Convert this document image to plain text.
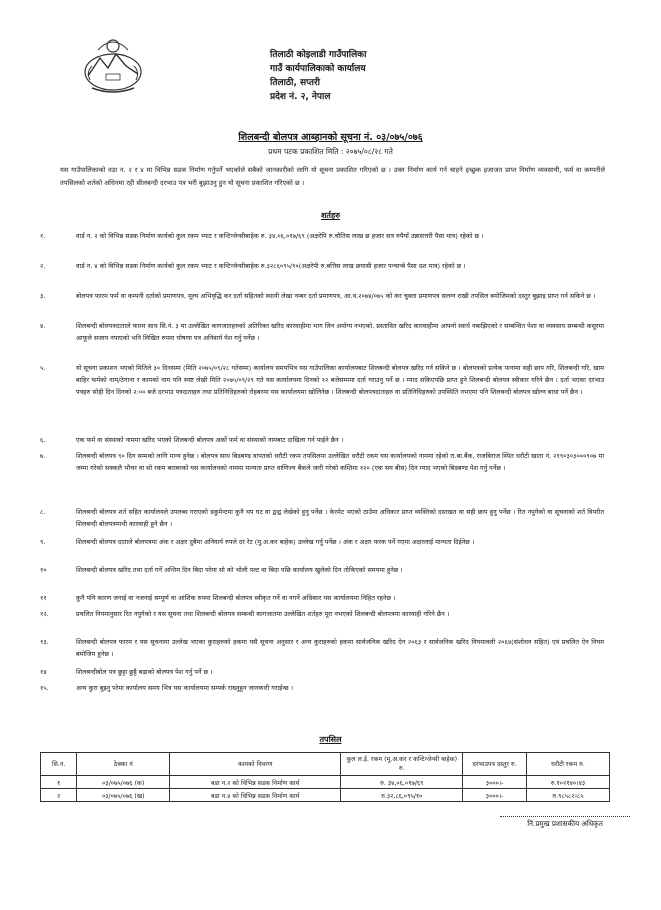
तिलाठी कोइलाडी गाउँपालिका
गाउँ कार्यपालिकाको कार्यालय
तिलाठी, सप्तरी
प्रदेश नं. २, नेपाल
शिलबन्दी बोलपत्र आब्हानको सूचना नं. ०३/०७५/०७६
प्रथम पटक प्रकाशित मिति : २०७५/०८/२८ गते
यस गाउँपालिकाको वडा न. २ र ४ मा विभिन्न सडक निर्माण गर्नुपर्ने भएकोले सबैको जानकारीको लागि यो सूचना प्रकाशित गरिएको छ । उक्त निर्माण कार्य गर्न चाहने इच्छुक इजाजत प्राप्त निर्माण व्यवसायी, फर्म वा कम्पनीले तपसिलको शर्तको अधिनमा रही सीलबन्दी दरभाउ पत्र भरी बुझाउनु हुन यो सूचना प्रकाशित गरिएको छ ।
शर्तहरु
१.	वार्ड न. २ को विभिन्न सडक निर्माण कार्यको कुल रकम भ्याट र कन्टिन्जेन्सीबाहेक रु. ३४,०६,०१७/६९ (अक्षरेपि रु.चौतिस लाख छ हजार सत्र रुपैयाँ उन्नासत्तरी पैसा मात्र) रहेको छ ।
२.	वार्ड न. ४ को विभिन्न सडक निर्माण कार्यको कुल रकम भ्याट र कन्टिन्जेन्सीबाहेक रु.३२८६०९५/१०(अक्षरेपी रु.बत्तिस लाख छयासी हजार पन्चान्बे पैसा दश मात्र) रहेको छ ।
३.	बोलपत्र फारम फर्म वा कम्पनी दर्ताको प्रमाणपत्र, मूल्य अभिवृद्धि कर दर्ता सहितको स्थायी लेखा नम्बर दर्ता प्रमाणपत्र, आ.व.२०७४/०७५ को कर चुक्ता प्रमाणपत्र सलग्न राखी तपसिल बमोजिमको दस्तुर बुझाइ प्राप्त गर्न सकिने छ ।
४.	शिलबन्दी बोलपत्रदाताले फारम साथ सि.नं. ३ मा उल्लेखित कागजातहरुको अतिरिक्त खरिद कारवाहीमा भाग लिन अयोग्य नभएको, प्रस्तावित खरिद कारवाहीमा आफ्नो स्वार्थ नबाझिएको र सम्बन्धित पेशा वा व्यवसाय सम्बन्धी कसुरमा आफूले सजाय नपाएको भनि लिखित रुपमा घोषणा पत्र अनिवार्य पेश गर्नु पर्नेछ ।
५.	यो सूचना प्रकाशन भएको मितिले ३० दिनसम्म (मिति २०७५/०९/२८ गतेसम्म) कार्यालय समयभित्र यस गाउँपालिका कार्यालयबाट शिलबन्दी बोलपत्र खरिद गर्न सकिने छ । बोलपत्रको प्रत्येक पानामा सही छाप गरि, शिलबन्दी गरि, खाम बाहिर फर्मको नाम/ठेगाना र कामको नाम पनि स्पष्ट लेखी मिति २०७५/०९/२९ गते यस कार्यालयमा दिनको १२ बजेसम्ममा दर्ता गराउनु पर्ने छ । म्याद सकिएपछि प्राप्त हुने शिलबन्दी बोलपत्र स्वीकार गरिने छैन । दर्ता भएका दरभाउ पत्रहरु सोही दिन दिनको २:०० बजे दरभाउ पत्रदाताहरु तथा प्रतिनिधिहरुको रोहबरमा यस कार्यालयमा खोलिनेछ । शिलबन्दी बोलपत्रदाताहरु वा प्रतिनिधिहरुको उपस्थिति नभएमा पनि शिलबन्दी बोलपत्र खोल्न बाधा पर्ने छैन ।
६.	एक फर्म वा संस्थाको नाममा खरिद भएको शिलबन्दी बोलपत्र अर्को फर्म वा संस्थाको नामबाट दाखिला गर्न पाईने छैन ।
७.	शिलबन्दी बोलपत्र ९० दिन सम्मको लागि मान्य हुनेछ । बोलपत्र साथ बिडबण्ड वापतको धरौटी रकम तपसिलमा उल्लेखित धरौटी रकम यस कार्यालयको नाममा रहेको रा.बा.बैंक, राजबिराज स्थित धरौटी खाता नं. २१९०३०३०००९०७ मा जम्मा गरेको सक्कलै भौचर वा सो रकम बराबरको यस कार्यालयको नाममा मान्यता प्राप्त वाणिज्य बैंकले जारी गरेको कम्तिमा १२० (एक सय बीस) दिन म्याद भएको बिडबण्ड पेश गर्नु पर्नेछ ।
८.	शिलबन्दी बोलपत्र शर्त सहित कार्यालयले उपलब्ध गराएको डकुमेन्टमा कुनै थप घट वा द्वन्द्व लेखेको हुनु पर्नेछ । केरमेट भएको ठाउँमा अधिकार प्राप्त व्यक्तिको दस्तखत वा सही छाप हुनु पर्नेछ । रित नपुगेको वा सूचनाको शर्त विपरीत शिलबन्दी बोलपत्रमाथी कारवाही हुने छैन ।
९.	शिलबन्दी बोलपत्र दाताले बोलपत्रमा अंक र अक्षर दुबैमा अनिवार्य रुपले दर रेट (मु.अ.कर बाहेक) उल्लेख गर्नु पर्नेछ । अंक र अक्षर फरक पर्ने गएमा अक्षरलाई मान्यता दिईनेछ ।
१०	शिलबन्दी बोलपत्र खरिद तथा दर्ता गर्ने अन्तिम दिन बिदा परेमा सो को भोली पल्ट वा बिदा पछि कार्यालय खुलेको दिन तोकिएको समयमा हुनेछ ।
११	कुनै पनि कारण जनाई वा नजनाई सम्पूर्ण वा आंशिक रुपमा शिलबन्दी बोलपत्र स्वीकृत गर्ने वा नगर्ने अधिकार यस कार्यालयमा निहित रहनेछ ।
१२.	प्रचलित नियमानुसार रित नपुगेको र यस सूचना तथा शिलबन्दी बोलपत्र सम्बन्धी कागजातमा उल्लेखित शर्तहरु पूरा नभएको शिलबन्दी बोलपत्रमा कारवाही गरिने छैन ।
१३.	शिलबन्दी बोलपत्र फारम र यस सूचनामा उल्लेख भएका कुराहरुको हकमा यसै सूचना अनुसार र अन्य कुराहरुको हकमा सार्वजनिक खरिद ऐन २०६३ र सार्वजनिक खरिद नियमावली २०६४(संशोधन सहित) एवं प्रचलित ऐन नियम बमोजिम हुनेछ ।
१४	शिलबन्दीबोल पत्र छुट्टा छुट्टै बढाको बोलपत्र पेश गर्नु पर्ने छ ।
१५.	अन्य कुरा बुझ्नु परेमा कार्यालय समय भित्र यस कार्यालयमा सम्पर्क राख्नुहुन जानकारी गराईन्छ ।
तपसिल
सि.न.	ठेक्का नं	कामको विवरण	कुल ल.ई. रकम (मु.अ.कर र कन्टिन्जेन्सी बाहेक) रु.	दरभाउपत्र दस्तुर रु.	धरौटी रकम रु.
१	०३/०७५/०७६ (क)	बडा न.२ को विभिन्न सडक निर्माण कार्य	रु. ३४,०६,०१७/६९	३०००।-	रु.१०२१४०।४३
२	०३/०७५/०७६ (ख)	बडा न.४ को विभिन्न सडक निर्माण कार्य	रु.३२,८६,०९५/१०	३०००।-	रु.९८५८२।८५
नि.प्रमुख प्रशासकीय अधिकृत
